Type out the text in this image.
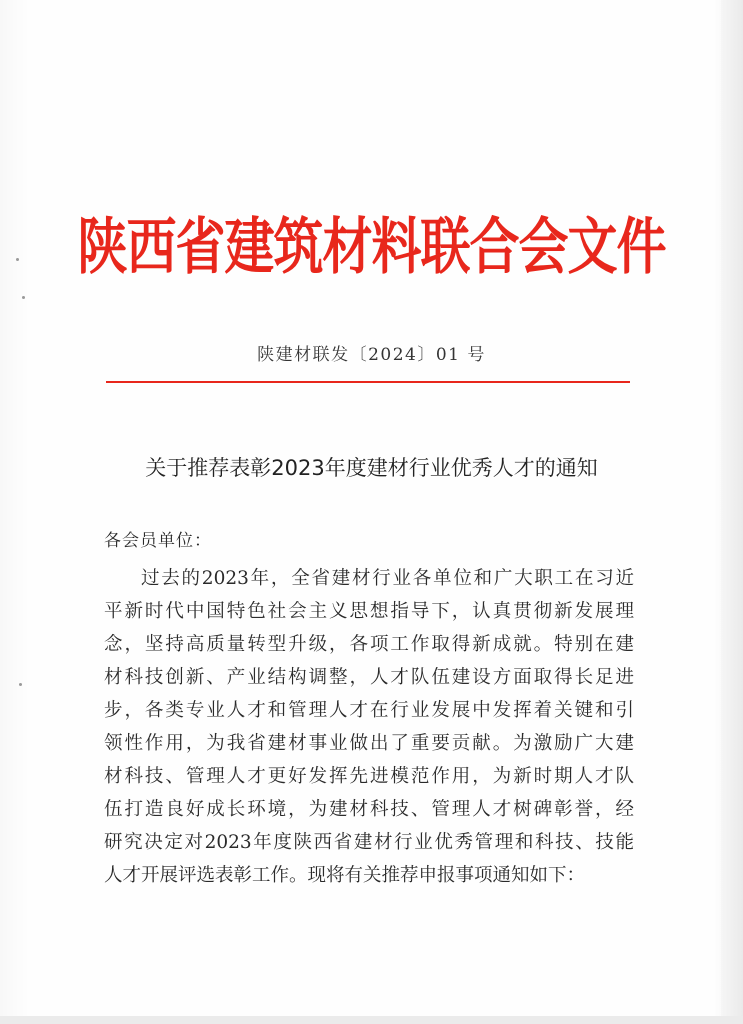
陕西省建筑材料联合会文件
陕建材联发〔2024〕01 号
关于推荐表彰2023年度建材行业优秀人才的通知
各会员单位：
过去的2023年，全省建材行业各单位和广大职工在习近
平新时代中国特色社会主义思想指导下，认真贯彻新发展理
念，坚持高质量转型升级，各项工作取得新成就。特别在建
材科技创新、产业结构调整，人才队伍建设方面取得长足进
步，各类专业人才和管理人才在行业发展中发挥着关键和引
领性作用，为我省建材事业做出了重要贡献。为激励广大建
材科技、管理人才更好发挥先进模范作用，为新时期人才队
伍打造良好成长环境，为建材科技、管理人才树碑彰誉，经
研究决定对2023年度陕西省建材行业优秀管理和科技、技能
人才开展评选表彰工作。现将有关推荐申报事项通知如下：
